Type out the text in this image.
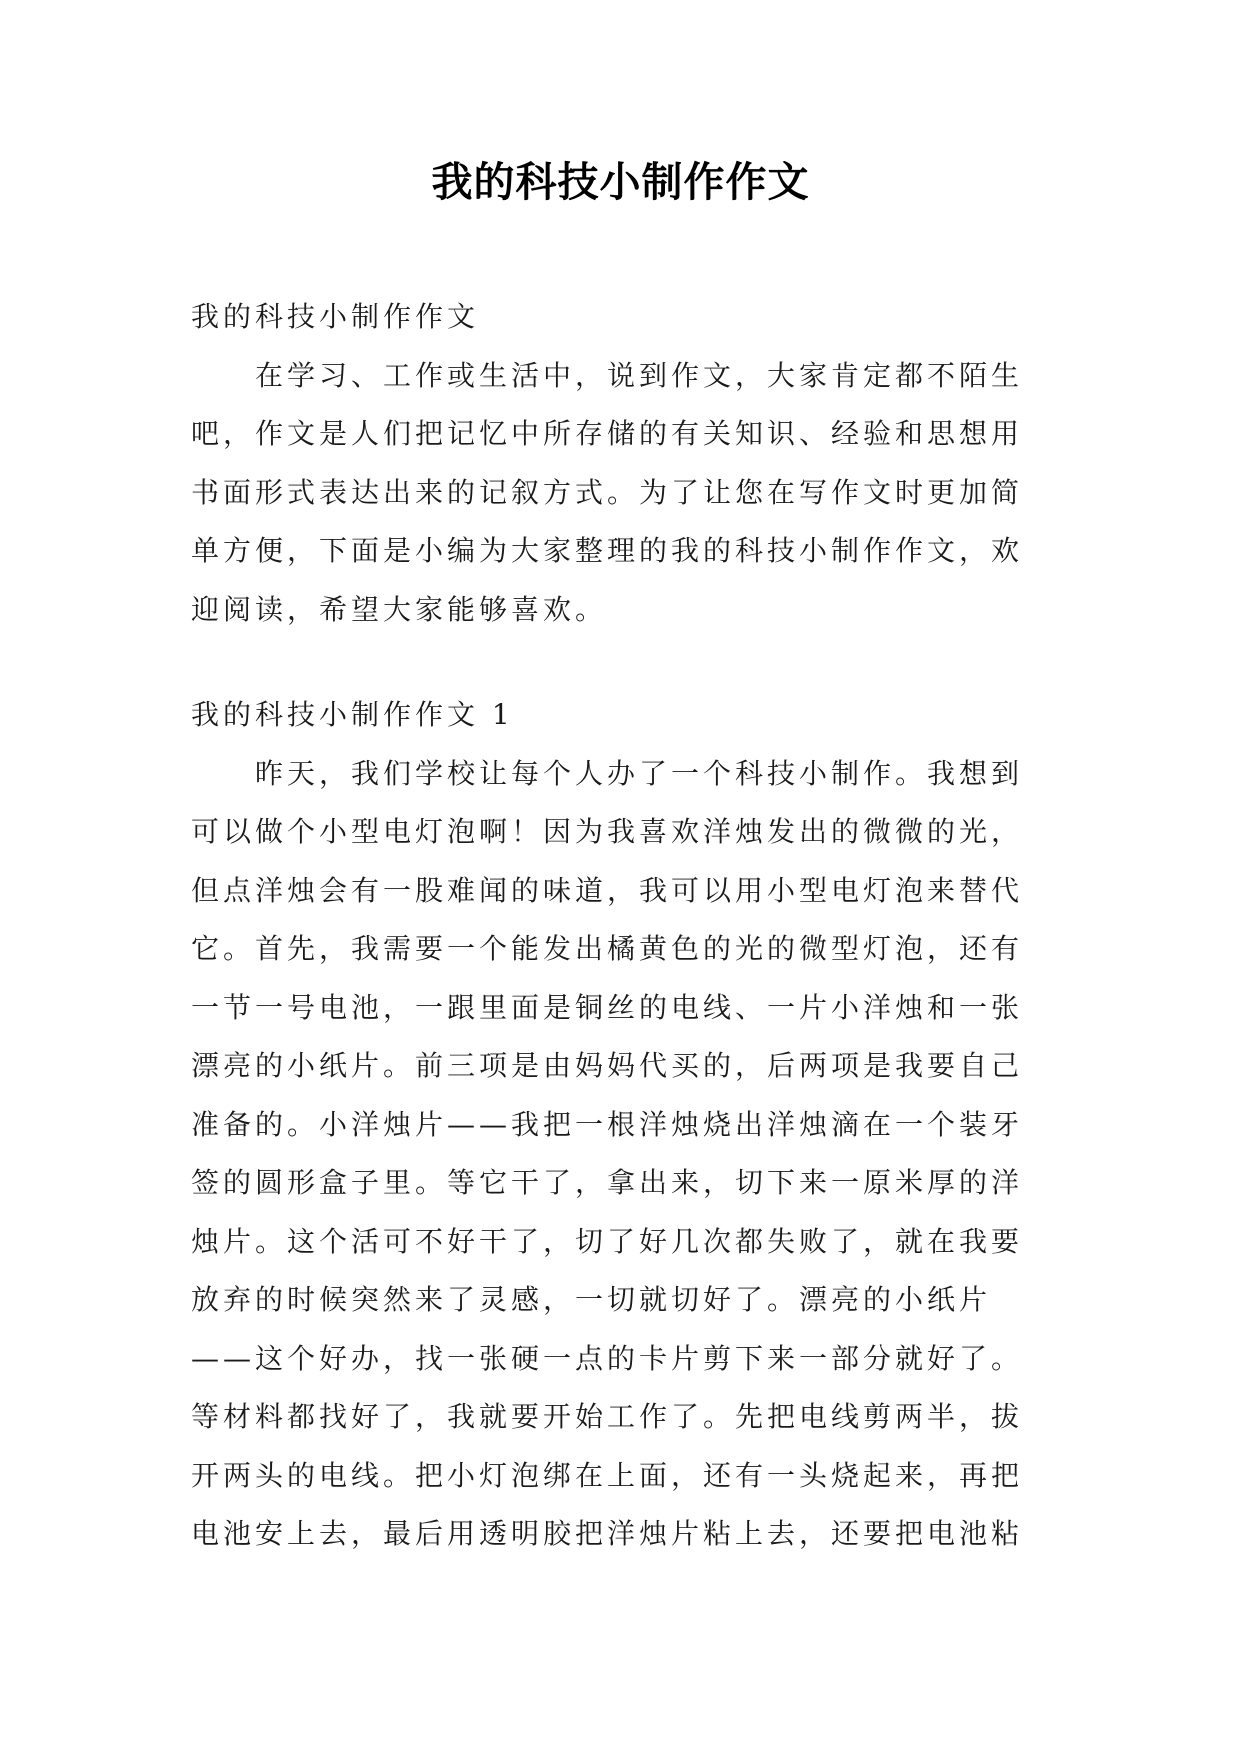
我的科技小制作作文
我的科技小制作作文
　　在学习、工作或生活中，说到作文，大家肯定都不陌生
吧，作文是人们把记忆中所存储的有关知识、经验和思想用
书面形式表达出来的记叙方式。为了让您在写作文时更加简
单方便，下面是小编为大家整理的我的科技小制作作文，欢
迎阅读，希望大家能够喜欢。
我的科技小制作作文 1
　　昨天，我们学校让每个人办了一个科技小制作。我想到
可以做个小型电灯泡啊！因为我喜欢洋烛发出的微微的光，
但点洋烛会有一股难闻的味道，我可以用小型电灯泡来替代
它。首先，我需要一个能发出橘黄色的光的微型灯泡，还有
一节一号电池，一跟里面是铜丝的电线、一片小洋烛和一张
漂亮的小纸片。前三项是由妈妈代买的，后两项是我要自己
准备的。小洋烛片——我把一根洋烛烧出洋烛滴在一个装牙
签的圆形盒子里。等它干了，拿出来，切下来一原米厚的洋
烛片。这个活可不好干了，切了好几次都失败了，就在我要
放弃的时候突然来了灵感，一切就切好了。漂亮的小纸片
——这个好办，找一张硬一点的卡片剪下来一部分就好了。
等材料都找好了，我就要开始工作了。先把电线剪两半，拔
开两头的电线。把小灯泡绑在上面，还有一头烧起来，再把
电池安上去，最后用透明胶把洋烛片粘上去，还要把电池粘
